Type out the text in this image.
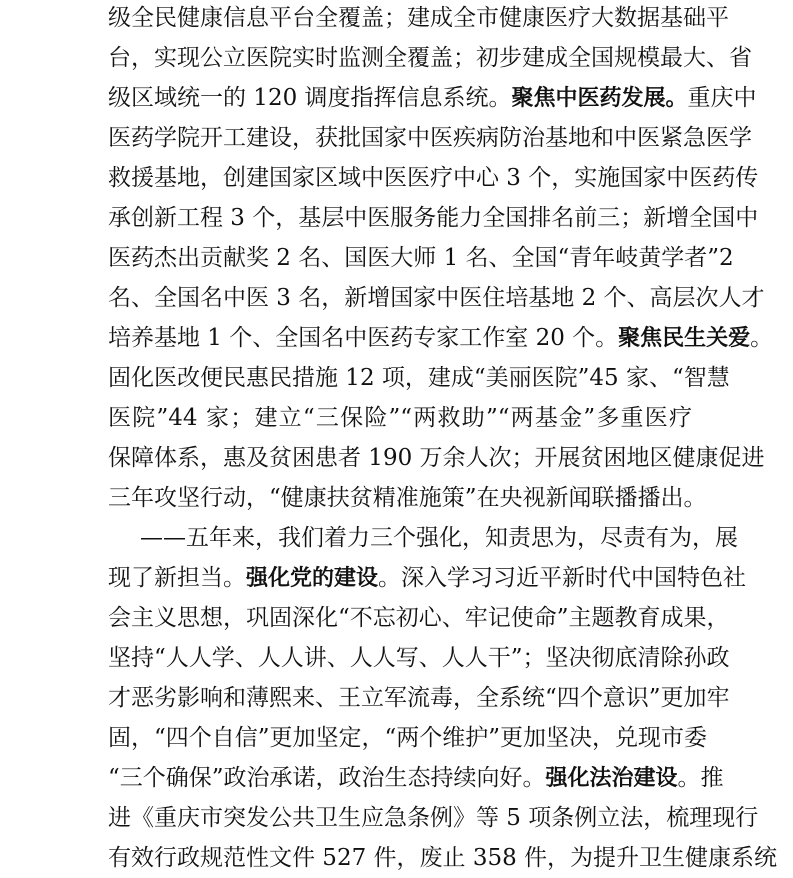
级全民健康信息平台全覆盖；建成全市健康医疗大数据基础平
台，实现公立医院实时监测全覆盖；初步建成全国规模最大、省
级区域统一的 120 调度指挥信息系统。聚焦中医药发展。重庆中
医药学院开工建设，获批国家中医疾病防治基地和中医紧急医学
救援基地，创建国家区域中医医疗中心 3 个，实施国家中医药传
承创新工程 3 个，基层中医服务能力全国排名前三；新增全国中
医药杰出贡献奖 2 名、国医大师 1 名、全国“青年岐黄学者”2
名、全国名中医 3 名，新增国家中医住培基地 2 个、高层次人才
培养基地 1 个、全国名中医药专家工作室 20 个。聚焦民生关爱。
固化医改便民惠民措施 12 项，建成“美丽医院”45 家、“智慧
医院”44 家；建立“三保险”“两救助”“两基金”多重医疗
保障体系，惠及贫困患者 190 万余人次；开展贫困地区健康促进
三年攻坚行动，“健康扶贫精准施策”在央视新闻联播播出。
——五年来，我们着力三个强化，知责思为，尽责有为，展
现了新担当。强化党的建设。深入学习习近平新时代中国特色社
会主义思想，巩固深化“不忘初心、牢记使命”主题教育成果，
坚持“人人学、人人讲、人人写、人人干”；坚决彻底清除孙政
才恶劣影响和薄熙来、王立军流毒，全系统“四个意识”更加牢
固，“四个自信”更加坚定，“两个维护”更加坚决，兑现市委
“三个确保”政治承诺，政治生态持续向好。强化法治建设。推
进《重庆市突发公共卫生应急条例》等 5 项条例立法，梳理现行
有效行政规范性文件 527 件，废止 358 件，为提升卫生健康系统
